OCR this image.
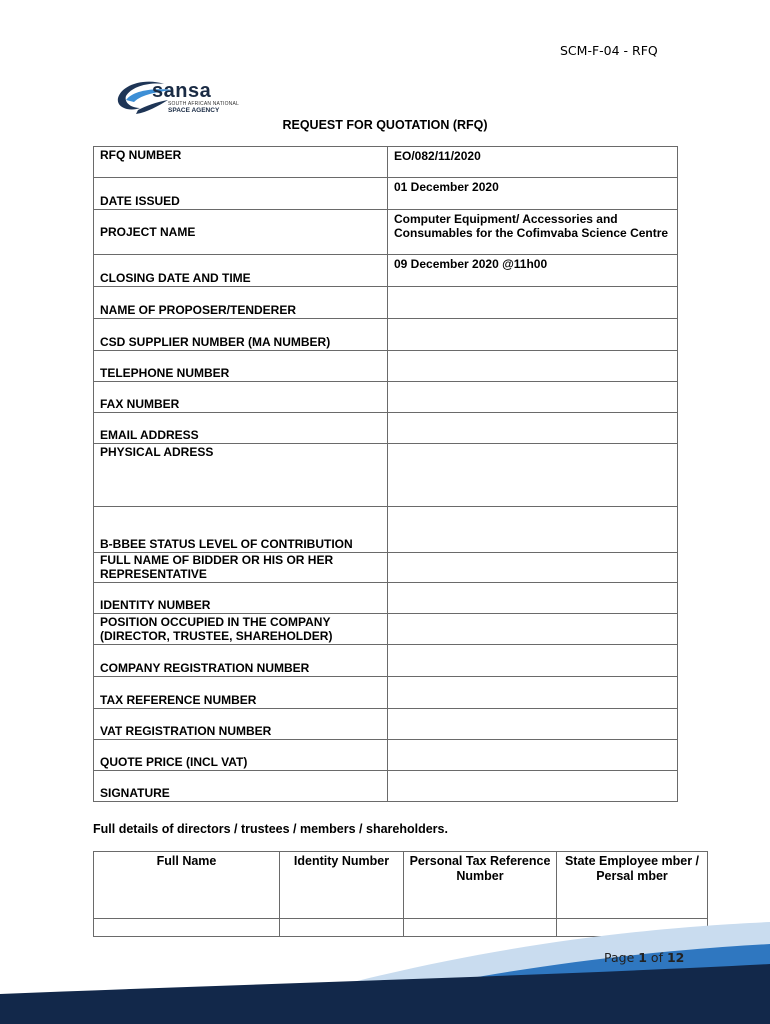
SCM-F-04 - RFQ
sansa
SOUTH AFRICAN NATIONAL
SPACE AGENCY
REQUEST FOR QUOTATION (RFQ)
RFQ NUMBER	EO/082/11/2020
DATE ISSUED	01 December 2020
PROJECT NAME	Computer Equipment/ Accessories and Consumables for the Cofimvaba Science Centre
CLOSING DATE AND TIME	09 December 2020 @11h00
NAME OF PROPOSER/TENDERER	
CSD SUPPLIER NUMBER (MA NUMBER)	
TELEPHONE NUMBER	
FAX NUMBER	
EMAIL ADDRESS	
PHYSICAL ADRESS	
B-BBEE STATUS LEVEL OF CONTRIBUTION	
FULL NAME OF BIDDER OR HIS OR HER REPRESENTATIVE	
IDENTITY NUMBER	
POSITION OCCUPIED IN THE COMPANY (DIRECTOR, TRUSTEE, SHAREHOLDER)	
COMPANY REGISTRATION NUMBER	
TAX REFERENCE NUMBER	
VAT REGISTRATION NUMBER	
QUOTE PRICE (INCL VAT)	
SIGNATURE	
Full details of directors / trustees / members / shareholders.
Full Name	Identity Number	Personal Tax Reference Number	State Employee mber / Persal mber

Page 1 of 12
